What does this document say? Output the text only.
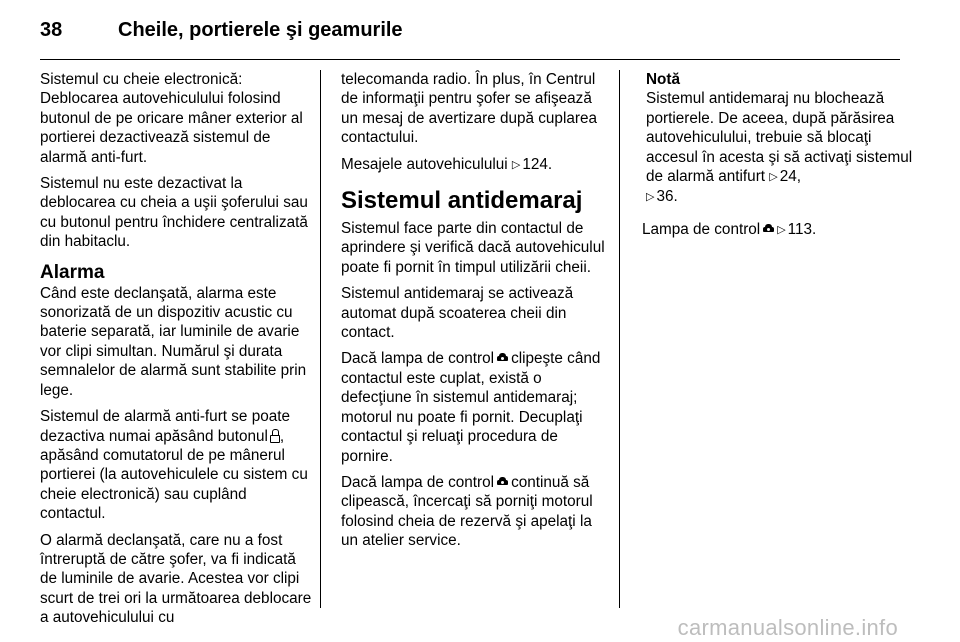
38	Cheile, portierele şi geamurile

Sistemul cu cheie electronică: Deblocarea autovehiculului folosind butonul de pe oricare mâner exterior al portierei dezactivează sistemul de alarmă anti-furt.

Sistemul nu este dezactivat la deblocarea cu cheia a uşii şoferului sau cu butonul pentru închidere centralizată din habitaclu.

Alarma

Când este declanşată, alarma este sonorizată de un dispozitiv acustic cu baterie separată, iar luminile de avarie vor clipi simultan. Numărul şi durata semnalelor de alarmă sunt stabilite prin lege.

Sistemul de alarmă anti-furt se poate dezactiva numai apăsând butonul , apăsând comutatorul de pe mânerul portierei (la autovehiculele cu sistem cu cheie electronică) sau cuplând contactul.

O alarmă declanşată, care nu a fost întreruptă de către şofer, va fi indicată de luminile de avarie. Acestea vor clipi scurt de trei ori la următoarea deblocare a autovehiculului cu

telecomanda radio. În plus, în Centrul de informaţii pentru şofer se afişează un mesaj de avertizare după cuplarea contactului.

Mesajele autovehiculului ▷ 124.

Sistemul antidemaraj

Sistemul face parte din contactul de aprindere şi verifică dacă autovehiculul poate fi pornit în timpul utilizării cheii.

Sistemul antidemaraj se activează automat după scoaterea cheii din contact.

Dacă lampa de control clipeşte când contactul este cuplat, există o defecţiune în sistemul antidemaraj; motorul nu poate fi pornit. Decuplaţi contactul şi reluaţi procedura de pornire.

Dacă lampa de control continuă să clipească, încercaţi să porniţi motorul folosind cheia de rezervă şi apelaţi la un atelier service.

Notă
Sistemul antidemaraj nu blochează portierele. De aceea, după părăsirea autovehiculului, trebuie să blocaţi accesul în acesta şi să activaţi sistemul de alarmă antifurt ▷ 24,
▷ 36.

Lampa de control ▷ 113.

carmanualsonline.info
